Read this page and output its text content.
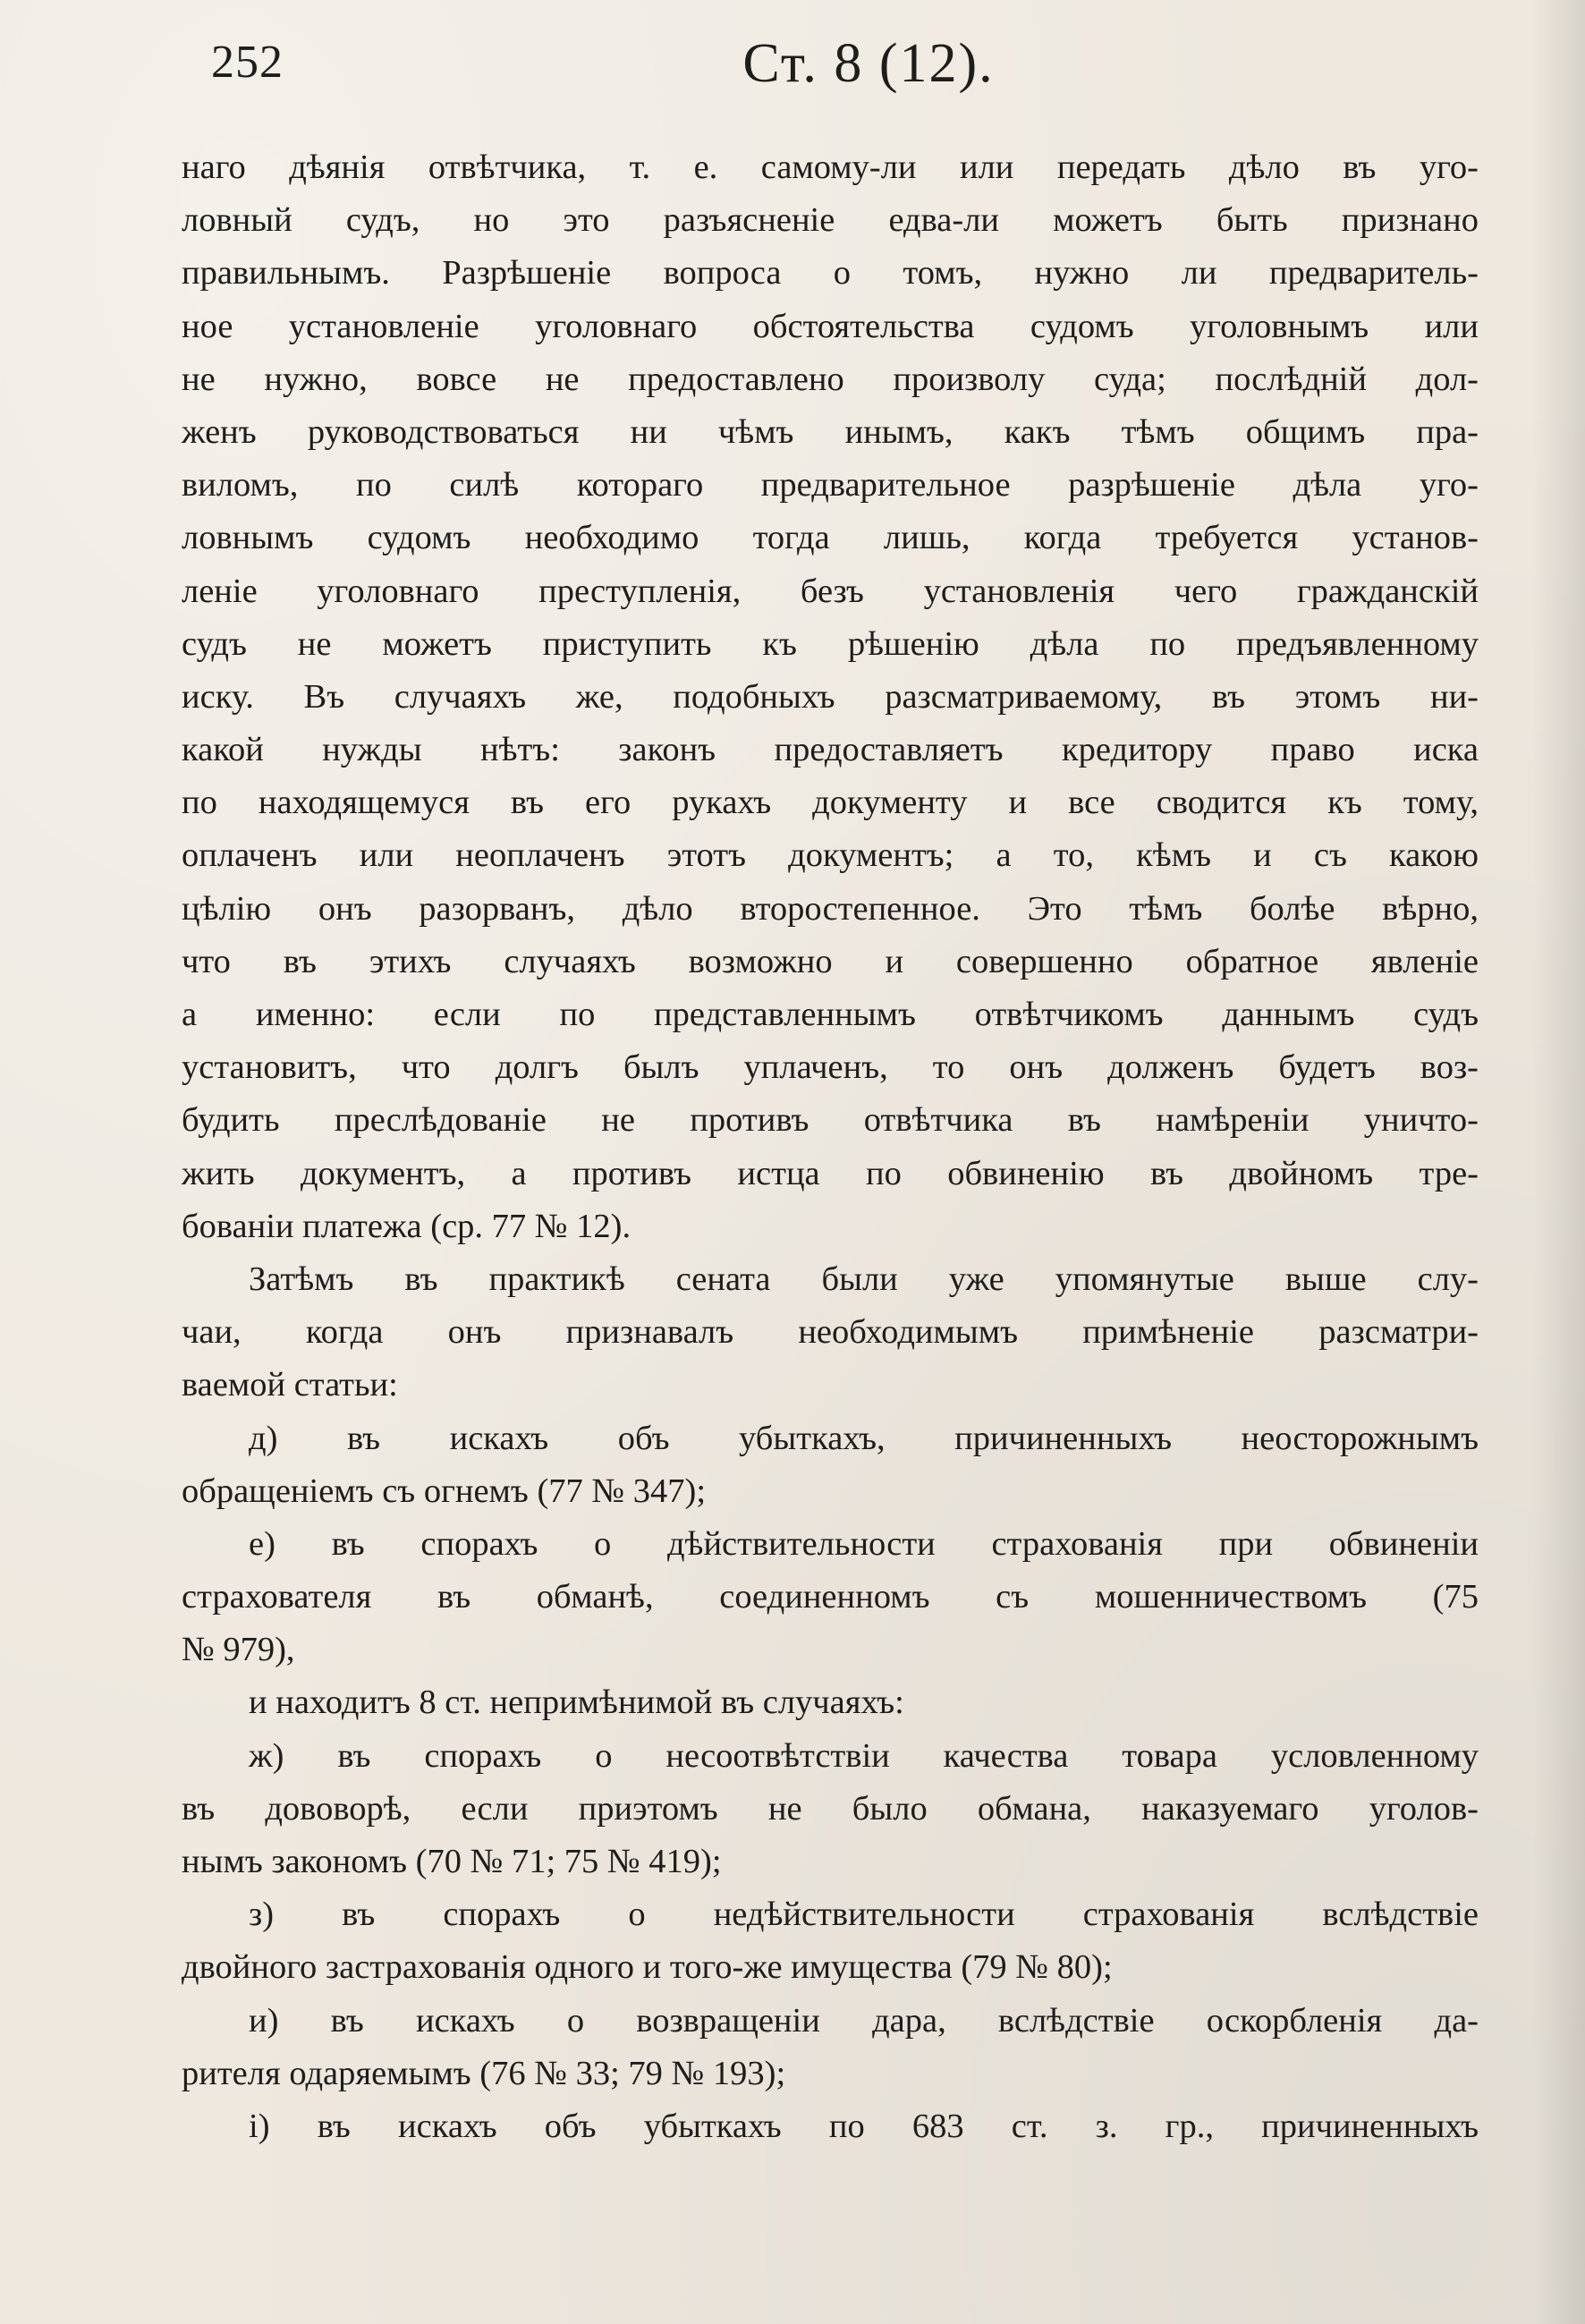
252	Ст. 8 (12).
наго дѣянія отвѣтчика, т. е. самому-ли или передать дѣло въ уго-
ловный судъ, но это разъясненіе едва-ли можетъ быть признано
правильнымъ. Разрѣшеніе вопроса о томъ, нужно ли предваритель-
ное установленіе уголовнаго обстоятельства судомъ уголовнымъ или
не нужно, вовсе не предоставлено произволу суда; послѣдній дол-
женъ руководствоваться ни чѣмъ инымъ, какъ тѣмъ общимъ пра-
виломъ, по силѣ котораго предварительное разрѣшеніе дѣла уго-
ловнымъ судомъ необходимо тогда лишь, когда требуется установ-
леніе уголовнаго преступленія, безъ установленія чего гражданскій
судъ не можетъ приступить къ рѣшенію дѣла по предъявленному
иску. Въ случаяхъ же, подобныхъ разсматриваемому, въ этомъ ни-
какой нужды нѣтъ: законъ предоставляетъ кредитору право иска
по находящемуся въ его рукахъ документу и все сводится къ тому,
оплаченъ или неоплаченъ этотъ документъ; а то, кѣмъ и съ какою
цѣлію онъ разорванъ, дѣло второстепенное. Это тѣмъ болѣе вѣрно,
что въ этихъ случаяхъ возможно и совершенно обратное явленіе
а именно: если по представленнымъ отвѣтчикомъ даннымъ судъ
установитъ, что долгъ былъ уплаченъ, то онъ долженъ будетъ воз-
будить преслѣдованіе не противъ отвѣтчика въ намѣреніи уничто-
жить документъ, а противъ истца по обвиненію въ двойномъ тре-
бованіи платежа (ср. 77 № 12).
Затѣмъ въ практикѣ сената были уже упомянутые выше слу-
чаи, когда онъ признавалъ необходимымъ примѣненіе разсматри-
ваемой статьи:
д) въ искахъ объ убыткахъ, причиненныхъ неосторожнымъ
обращеніемъ съ огнемъ (77 № 347);
е) въ спорахъ о дѣйствительности страхованія при обвиненіи
страхователя въ обманѣ, соединенномъ съ мошенничествомъ (75
№ 979),
и находитъ 8 ст. непримѣнимой въ случаяхъ:
ж) въ спорахъ о несоотвѣтствіи качества товара условленному
въ дововорѣ, если приэтомъ не было обмана, наказуемаго уголов-
нымъ закономъ (70 № 71; 75 № 419);
з) въ спорахъ о недѣйствительности страхованія вслѣдствіе
двойного застрахованія одного и того-же имущества (79 № 80);
и) въ искахъ о возвращеніи дара, вслѣдствіе оскорбленія да-
рителя одаряемымъ (76 № 33; 79 № 193);
і) въ искахъ объ убыткахъ по 683 ст. з. гр., причиненныхъ
